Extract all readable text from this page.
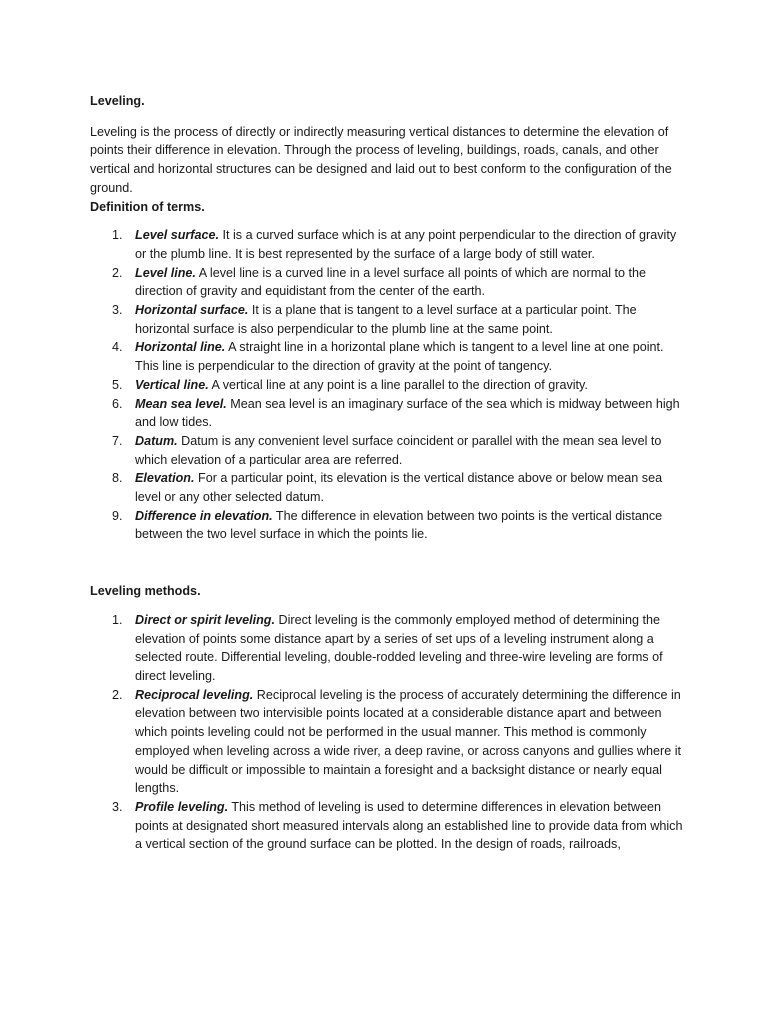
Leveling.

Leveling is the process of directly or indirectly measuring vertical distances to determine the elevation of points their difference in elevation. Through the process of leveling, buildings, roads, canals, and other vertical and horizontal structures can be designed and laid out to best conform to the configuration of the ground.

Definition of terms.

1. Level surface. It is a curved surface which is at any point perpendicular to the direction of gravity or the plumb line. It is best represented by the surface of a large body of still water.
2. Level line. A level line is a curved line in a level surface all points of which are normal to the direction of gravity and equidistant from the center of the earth.
3. Horizontal surface. It is a plane that is tangent to a level surface at a particular point. The horizontal surface is also perpendicular to the plumb line at the same point.
4. Horizontal line. A straight line in a horizontal plane which is tangent to a level line at one point. This line is perpendicular to the direction of gravity at the point of tangency.
5. Vertical line. A vertical line at any point is a line parallel to the direction of gravity.
6. Mean sea level. Mean sea level is an imaginary surface of the sea which is midway between high and low tides.
7. Datum. Datum is any convenient level surface coincident or parallel with the mean sea level to which elevation of a particular area are referred.
8. Elevation. For a particular point, its elevation is the vertical distance above or below mean sea level or any other selected datum.
9. Difference in elevation. The difference in elevation between two points is the vertical distance between the two level surface in which the points lie.

Leveling methods.

1. Direct or spirit leveling. Direct leveling is the commonly employed method of determining the elevation of points some distance apart by a series of set ups of a leveling instrument along a selected route. Differential leveling, double-rodded leveling and three-wire leveling are forms of direct leveling.
2. Reciprocal leveling. Reciprocal leveling is the process of accurately determining the difference in elevation between two intervisible points located at a considerable distance apart and between which points leveling could not be performed in the usual manner. This method is commonly employed when leveling across a wide river, a deep ravine, or across canyons and gullies where it would be difficult or impossible to maintain a foresight and a backsight distance or nearly equal lengths.
3. Profile leveling. This method of leveling is used to determine differences in elevation between points at designated short measured intervals along an established line to provide data from which a vertical section of the ground surface can be plotted. In the design of roads, railroads,
